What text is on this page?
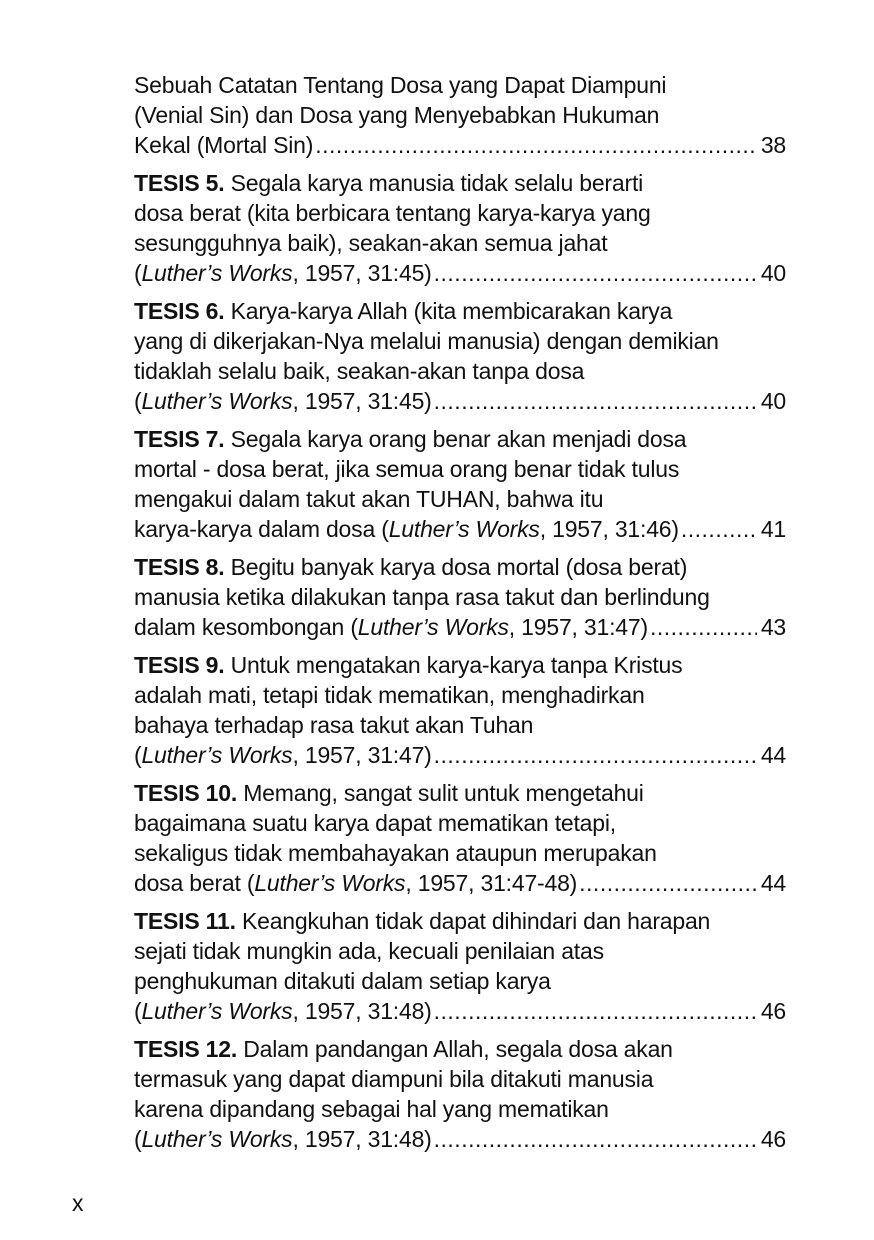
Sebuah Catatan Tentang Dosa yang Dapat Diampuni
(Venial Sin) dan Dosa yang Menyebabkan Hukuman
Kekal (Mortal Sin) .....	38
TESIS 5. Segala karya manusia tidak selalu berarti
dosa berat (kita berbicara tentang karya-karya yang
sesungguhnya baik), seakan-akan semua jahat
(Luther’s Works, 1957, 31:45) .....	40
TESIS 6. Karya-karya Allah (kita membicarakan karya
yang di dikerjakan-Nya melalui manusia) dengan demikian
tidaklah selalu baik, seakan-akan tanpa dosa
(Luther’s Works, 1957, 31:45) .....	40
TESIS 7. Segala karya orang benar akan menjadi dosa
mortal - dosa berat, jika semua orang benar tidak tulus
mengakui dalam takut akan TUHAN, bahwa itu
karya-karya dalam dosa (Luther’s Works, 1957, 31:46) .....	41
TESIS 8. Begitu banyak karya dosa mortal (dosa berat)
manusia ketika dilakukan tanpa rasa takut dan berlindung
dalam kesombongan (Luther’s Works, 1957, 31:47) .....	43
TESIS 9. Untuk mengatakan karya-karya tanpa Kristus
adalah mati, tetapi tidak mematikan, menghadirkan
bahaya terhadap rasa takut akan Tuhan
(Luther’s Works, 1957, 31:47) .....	44
TESIS 10. Memang, sangat sulit untuk mengetahui
bagaimana suatu karya dapat mematikan tetapi,
sekaligus tidak membahayakan ataupun merupakan
dosa berat (Luther’s Works, 1957, 31:47-48) .....	44
TESIS 11. Keangkuhan tidak dapat dihindari dan harapan
sejati tidak mungkin ada, kecuali penilaian atas
penghukuman ditakuti dalam setiap karya
(Luther’s Works, 1957, 31:48) .....	46
TESIS 12. Dalam pandangan Allah, segala dosa akan
termasuk yang dapat diampuni bila ditakuti manusia
karena dipandang sebagai hal yang mematikan
(Luther’s Works, 1957, 31:48) .....	46
x
